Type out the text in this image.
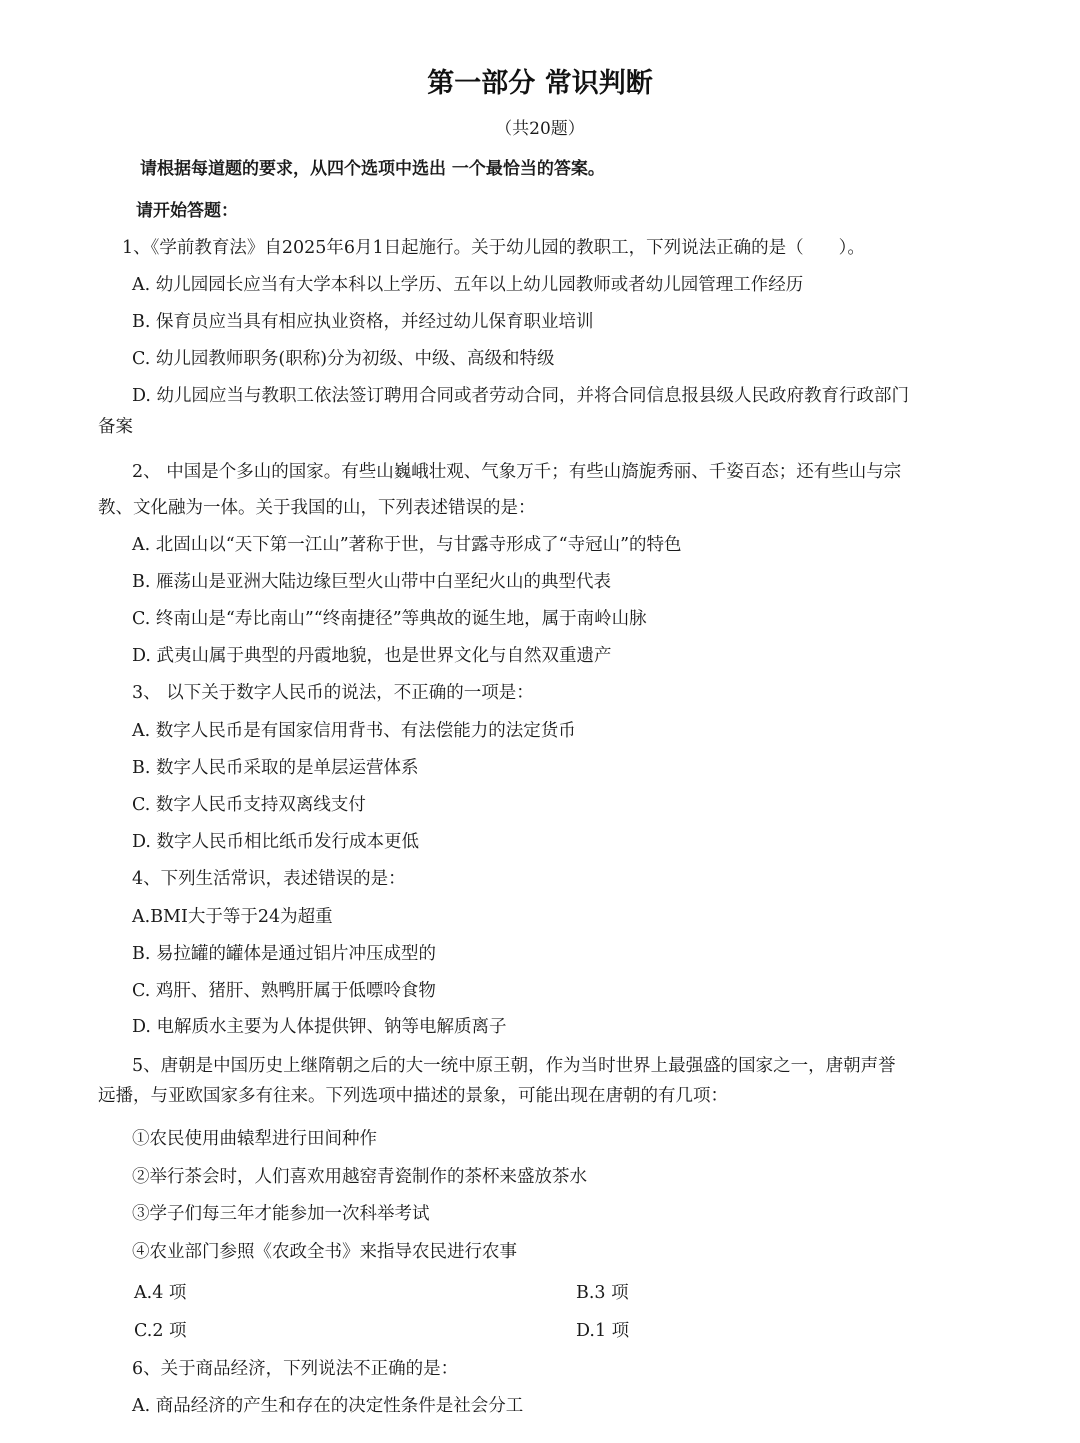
第一部分 常识判断
（共20题）
请根据每道题的要求，从四个选项中选出 一个最恰当的答案。
请开始答题：
1、《学前教育法》自2025年6月1日起施行。关于幼儿园的教职工，下列说法正确的是（　　）。
A. 幼儿园园长应当有大学本科以上学历、五年以上幼儿园教师或者幼儿园管理工作经历
B. 保育员应当具有相应执业资格，并经过幼儿保育职业培训
C. 幼儿园教师职务(职称)分为初级、中级、高级和特级
D. 幼儿园应当与教职工依法签订聘用合同或者劳动合同，并将合同信息报县级人民政府教育行政部门
备案
2、 中国是个多山的国家。有些山巍峨壮观、气象万千；有些山旖旎秀丽、千姿百态；还有些山与宗
教、文化融为一体。关于我国的山，下列表述错误的是：
A. 北固山以“天下第一江山”著称于世，与甘露寺形成了“寺冠山”的特色
B. 雁荡山是亚洲大陆边缘巨型火山带中白垩纪火山的典型代表
C. 终南山是“寿比南山”“终南捷径”等典故的诞生地，属于南岭山脉
D. 武夷山属于典型的丹霞地貌，也是世界文化与自然双重遗产
3、 以下关于数字人民币的说法，不正确的一项是：
A. 数字人民币是有国家信用背书、有法偿能力的法定货币
B. 数字人民币采取的是单层运营体系
C. 数字人民币支持双离线支付
D. 数字人民币相比纸币发行成本更低
4、下列生活常识，表述错误的是：
A.BMI大于等于24为超重
B. 易拉罐的罐体是通过铝片冲压成型的
C. 鸡肝、猪肝、熟鸭肝属于低嘌呤食物
D. 电解质水主要为人体提供钾、钠等电解质离子
5、唐朝是中国历史上继隋朝之后的大一统中原王朝，作为当时世界上最强盛的国家之一，唐朝声誉
远播，与亚欧国家多有往来。下列选项中描述的景象，可能出现在唐朝的有几项：
①农民使用曲辕犁进行田间种作
②举行茶会时，人们喜欢用越窑青瓷制作的茶杯来盛放茶水
③学子们每三年才能参加一次科举考试
④农业部门参照《农政全书》来指导农民进行农事
A.4 项	B.3 项
C.2 项	D.1 项
6、关于商品经济，下列说法不正确的是：
A. 商品经济的产生和存在的决定性条件是社会分工
